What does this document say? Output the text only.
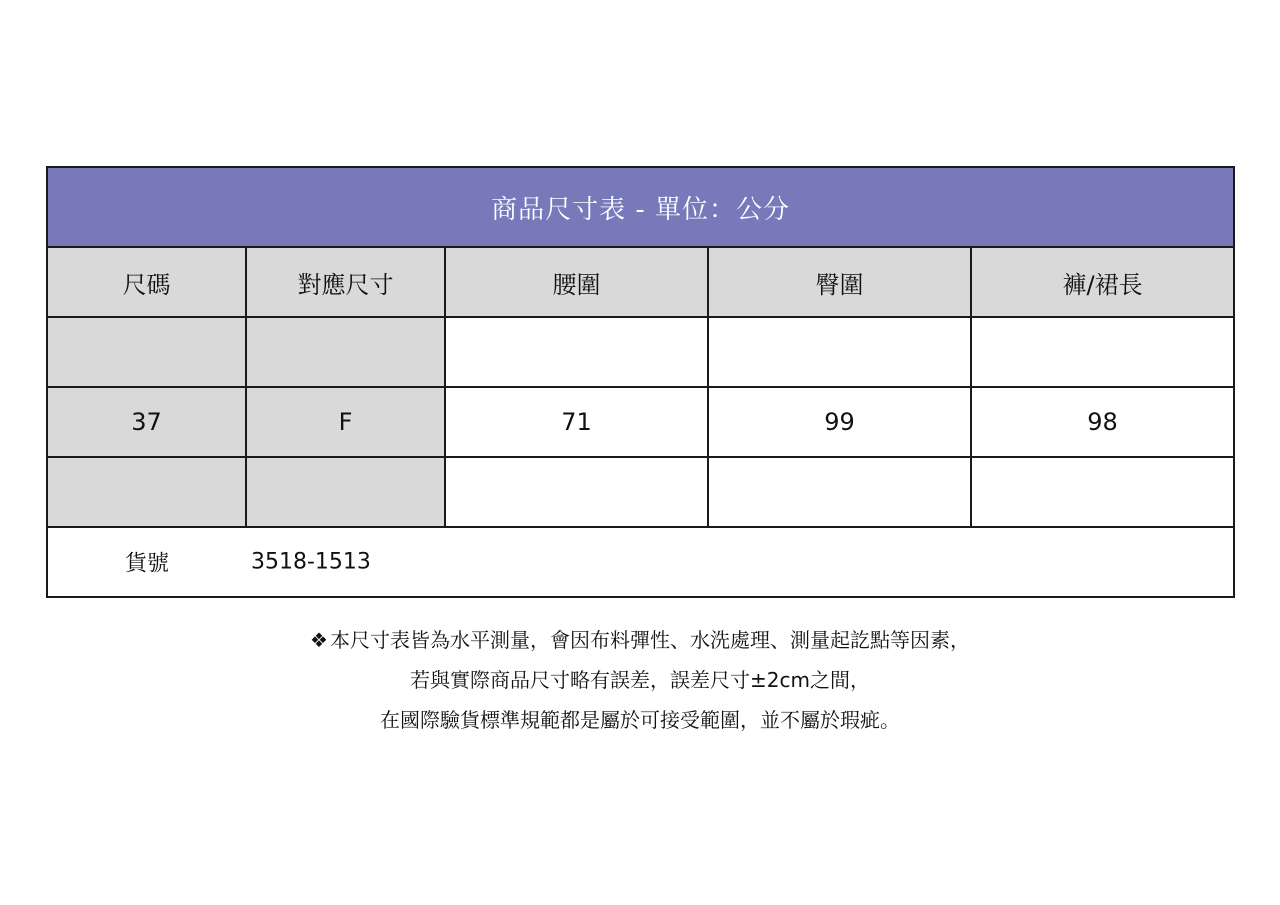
商品尺寸表 - 單位：公分				
尺碼	對應尺寸	腰圍	臀圍	褲/裙長

37	F	71	99	98

貨號 3518-1513				
❖ 本尺寸表皆為水平測量，會因布料彈性、水洗處理、測量起訖點等因素，
若與實際商品尺寸略有誤差，誤差尺寸±2cm之間，
在國際驗貨標準規範都是屬於可接受範圍，並不屬於瑕疵。
